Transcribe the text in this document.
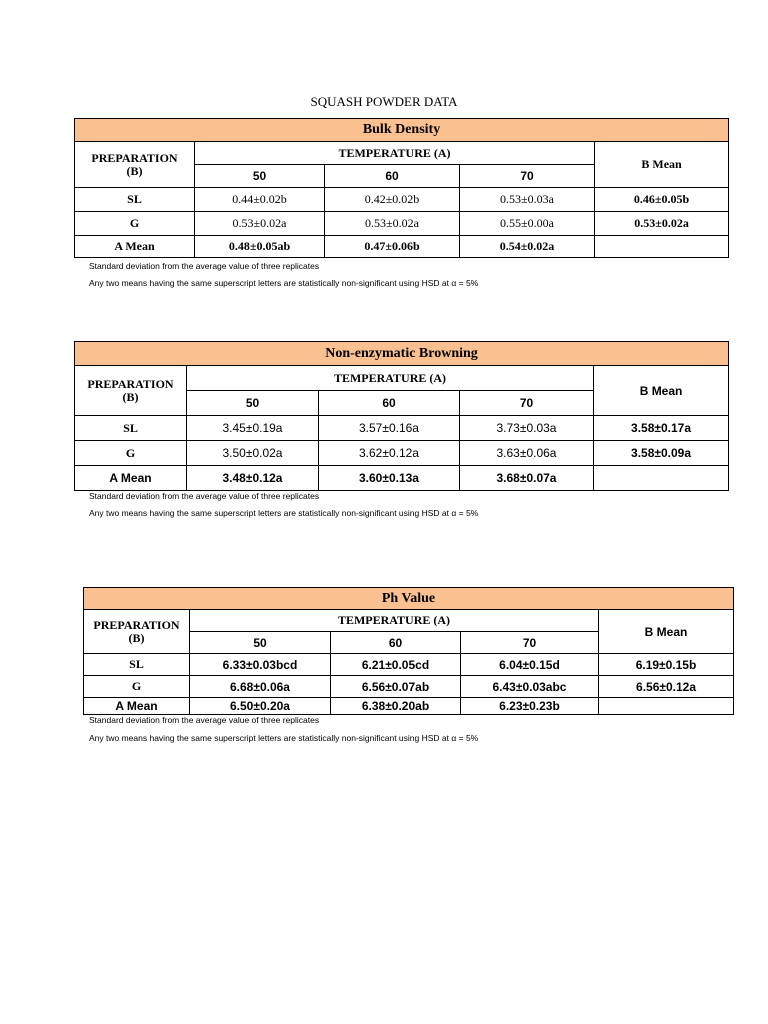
SQUASH POWDER DATA
Bulk Density				

PREPARATION
(B)	TEMPERATURE (A)			B Mean
	50	60	70	
SL	0.44±0.02b	0.42±0.02b	0.53±0.03a	0.46±0.05b
G	0.53±0.02a	0.53±0.02a	0.55±0.00a	0.53±0.02a
A Mean	0.48±0.05ab	0.47±0.06b	0.54±0.02a	
Standard deviation from the average value of three replicates
Any two means having the same superscript letters are statistically non-significant using HSD at α = 5%
Non-enzymatic Browning				

PREPARATION
(B)	TEMPERATURE (A)			B Mean
	50	60	70	
SL	3.45±0.19a	3.57±0.16a	3.73±0.03a	3.58±0.17a
G	3.50±0.02a	3.62±0.12a	3.63±0.06a	3.58±0.09a
A Mean	3.48±0.12a	3.60±0.13a	3.68±0.07a	
Standard deviation from the average value of three replicates
Any two means having the same superscript letters are statistically non-significant using HSD at α = 5%
Ph Value				

PREPARATION
(B)	TEMPERATURE (A)			B Mean
	50	60	70	
SL	6.33±0.03bcd	6.21±0.05cd	6.04±0.15d	6.19±0.15b
G	6.68±0.06a	6.56±0.07ab	6.43±0.03abc	6.56±0.12a
A Mean	6.50±0.20a	6.38±0.20ab	6.23±0.23b	
Standard deviation from the average value of three replicates
Any two means having the same superscript letters are statistically non-significant using HSD at α = 5%
